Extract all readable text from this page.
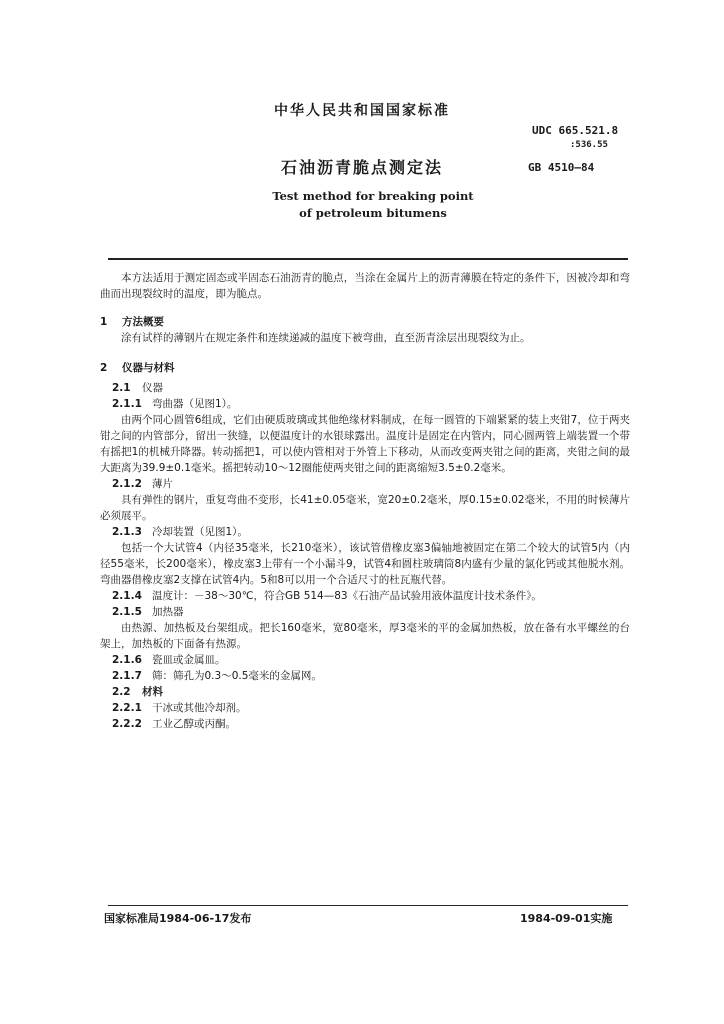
中华人民共和国国家标准
UDC 665.521.8
:536.55
石油沥青脆点测定法	GB 4510—84
Test method for breaking point
of petroleum bitumens

本方法适用于测定固态或半固态石油沥青的脆点，当涂在金属片上的沥青薄膜在特定的条件下，因被冷却和弯曲而出现裂纹时的温度，即为脆点。

1 方法概要

涂有试样的薄钢片在规定条件和连续递减的温度下被弯曲，直至沥青涂层出现裂纹为止。

2 仪器与材料

2.1 仪器

2.1.1 弯曲器（见图1）。

由两个同心圆管6组成，它们由硬质玻璃或其他绝缘材料制成，在每一圆管的下端紧紧的装上夹钳7，位于两夹钳之间的内管部分，留出一狭缝，以便温度计的水银球露出。温度计是固定在内管内，同心圆两管上端装置一个带有摇把1的机械升降器。转动摇把1，可以使内管相对于外管上下移动，从而改变两夹钳之间的距离，夹钳之间的最大距离为39.9±0.1毫米。摇把转动10～12圈能使两夹钳之间的距离缩短3.5±0.2毫米。

2.1.2 薄片

具有弹性的钢片，重复弯曲不变形，长41±0.05毫米，宽20±0.2毫米，厚0.15±0.02毫米，不用的时候薄片必须展平。

2.1.3 冷却装置（见图1）。

包括一个大试管4（内径35毫米，长210毫米），该试管借橡皮塞3偏轴地被固定在第二个较大的试管5内（内径55毫米，长200毫米），橡皮塞3上带有一个小漏斗9，试管4和圆柱玻璃筒8内盛有少量的氯化钙或其他脱水剂。弯曲器借橡皮塞2支撑在试管4内。5和8可以用一个合适尺寸的杜瓦瓶代替。

2.1.4 温度计：－38～30℃，符合GB 514—83《石油产品试验用液体温度计技术条件》。

2.1.5 加热器

由热源、加热板及台架组成。把长160毫米，宽80毫米，厚3毫米的平的金属加热板，放在备有水平螺丝的台架上，加热板的下面备有热源。

2.1.6 瓷皿或金属皿。

2.1.7 筛：筛孔为0.3～0.5毫米的金属网。

2.2 材料

2.2.1 干冰或其他冷却剂。

2.2.2 工业乙醇或丙酮。

国家标准局1984-06-17发布	1984-09-01实施
